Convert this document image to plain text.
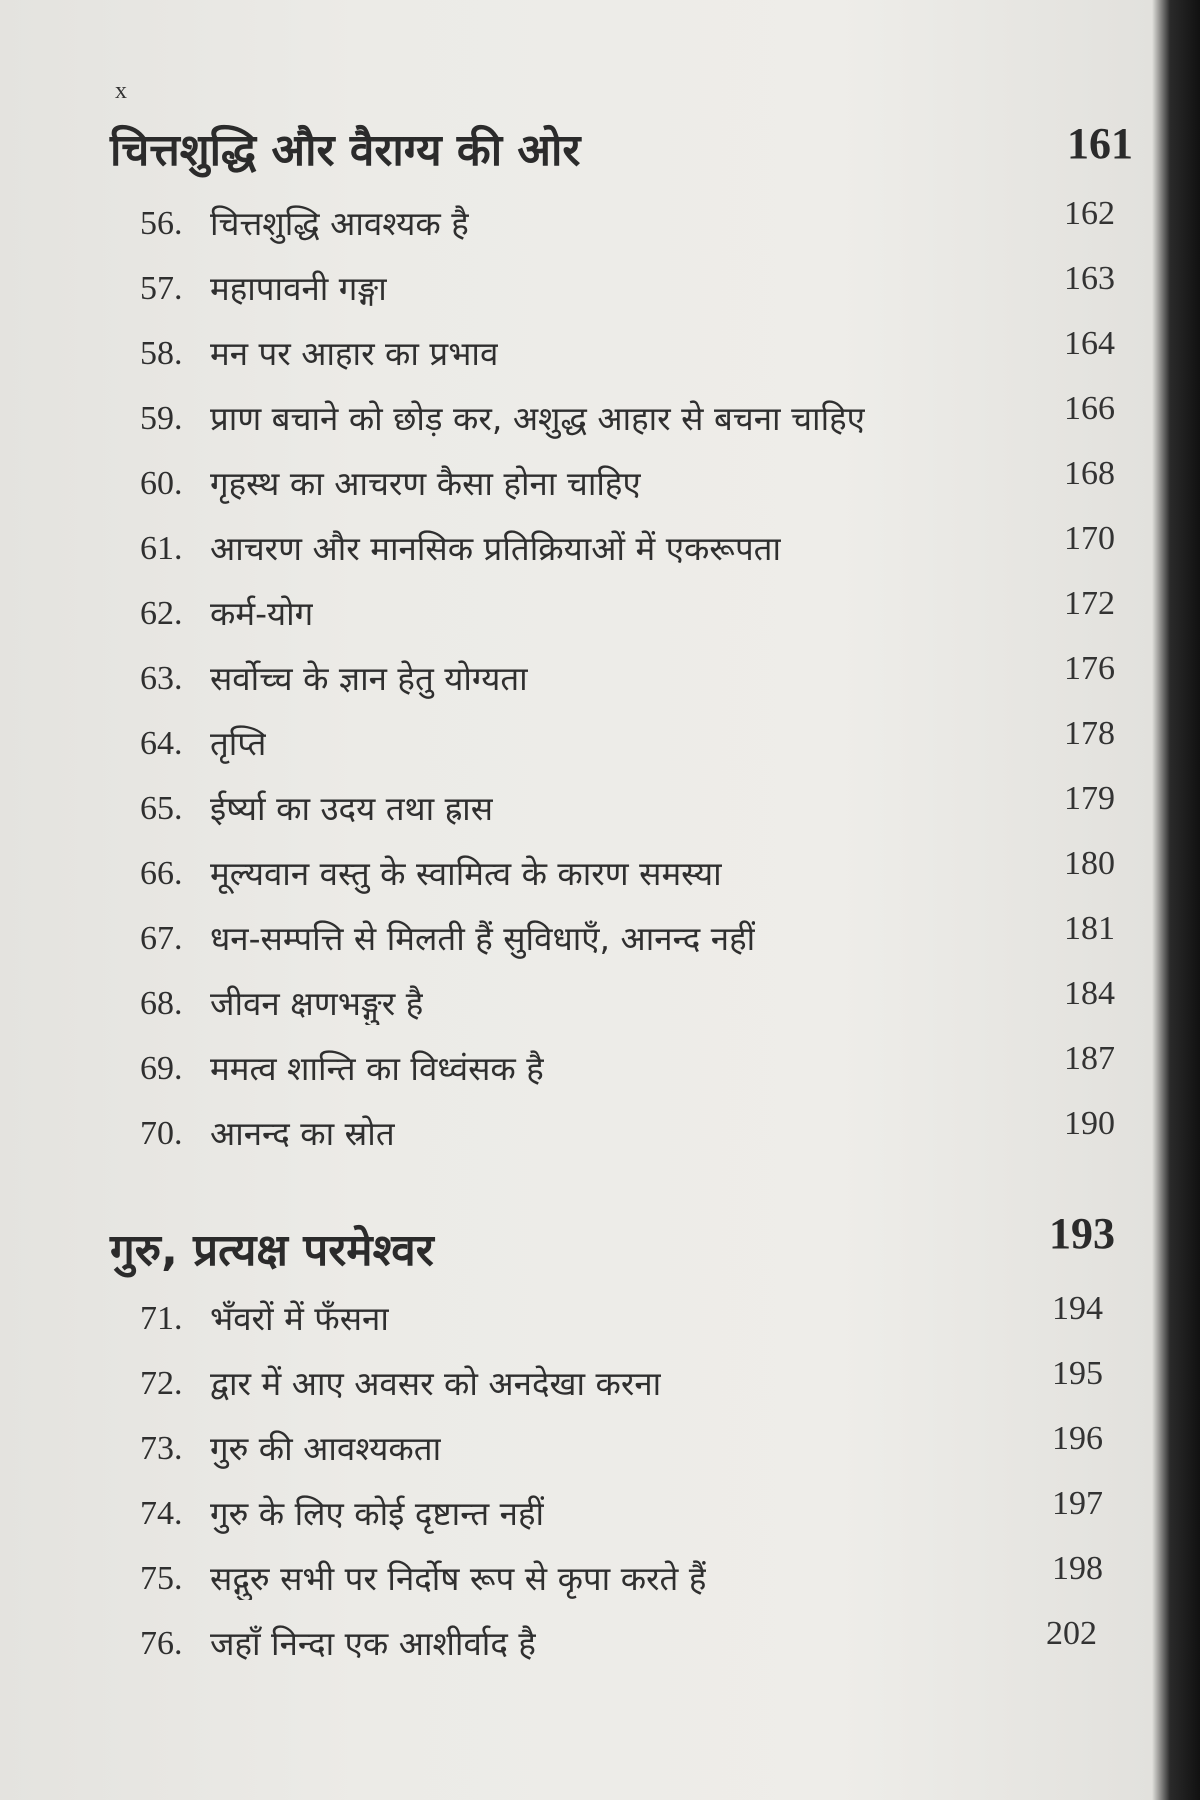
x
चित्तशुद्धि और वैराग्य की ओर	161
56. चित्तशुद्धि आवश्यक है	162
57. महापावनी गङ्गा	163
58. मन पर आहार का प्रभाव	164
59. प्राण बचाने को छोड़ कर, अशुद्ध आहार से बचना चाहिए	166
60. गृहस्थ का आचरण कैसा होना चाहिए	168
61. आचरण और मानसिक प्रतिक्रियाओं में एकरूपता	170
62. कर्म-योग	172
63. सर्वोच्च के ज्ञान हेतु योग्यता	176
64. तृप्ति	178
65. ईर्ष्या का उदय तथा ह्रास	179
66. मूल्यवान वस्तु के स्वामित्व के कारण समस्या	180
67. धन-सम्पत्ति से मिलती हैं सुविधाएँ, आनन्द नहीं	181
68. जीवन क्षणभङ्गुर है	184
69. ममत्व शान्ति का विध्वंसक है	187
70. आनन्द का स्रोत	190
गुरु, प्रत्यक्ष परमेश्वर	193
71. भँवरों में फँसना	194
72. द्वार में आए अवसर को अनदेखा करना	195
73. गुरु की आवश्यकता	196
74. गुरु के लिए कोई दृष्टान्त नहीं	197
75. सद्गुरु सभी पर निर्दोष रूप से कृपा करते हैं	198
76. जहाँ निन्दा एक आशीर्वाद है	202
